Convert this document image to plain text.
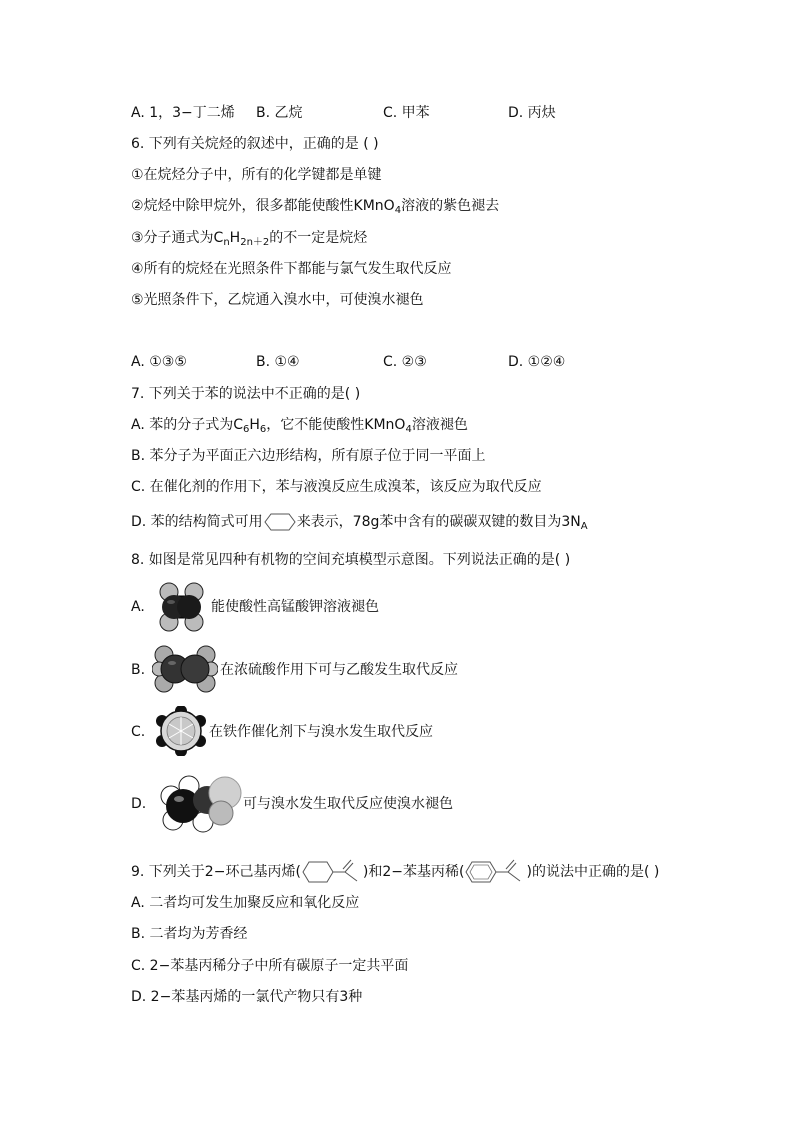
A. 1，3−丁二烯 B. 乙烷	C. 甲苯	D. 丙炔
6. 下列有关烷烃的叙述中，正确的是 ( )
①在烷烃分子中，所有的化学键都是单键
②烷烃中除甲烷外，很多都能使酸性KMnO$_4$溶液的紫色褪去
③分子通式为$C_nH_{2n+2}$的不一定是烷烃
④所有的烷烃在光照条件下都能与氯气发生取代反应
⑤光照条件下，乙烷通入溴水中，可使溴水褪色
A. ①③⑤	B. ①④	C. ②③	D. ①②④
7. 下列关于苯的说法中不正确的是( )
A. 苯的分子式为$C_6H_6$，它不能使酸性KMnO$_4$溶液褪色
B. 苯分子为平面正六边形结构，所有原子位于同一平面上
C. 在催化剂的作用下，苯与液溴反应生成溴苯，该反应为取代反应
D. 苯的结构简式可用 来表示，78g苯中含有的碳碳双键的数目为$3N_A$
8. 如图是常见四种有机物的空间充填模型示意图。下列说法正确的是( )
A.	能使酸性高锰酸钾溶液褪色
B.	在浓硫酸作用下可与乙酸发生取代反应
C.	在铁作催化剂下与溴水发生取代反应
D.	可与溴水发生取代反应使溴水褪色
9. 下列关于2−环己基丙烯(	)和2−苯基丙稀(	)的说法中正确的是( )
A. 二者均可发生加聚反应和氧化反应
B. 二者均为芳香经
C. 2−苯基丙稀分子中所有碳原子一定共平面
D. 2−苯基丙烯的一氯代产物只有3种
